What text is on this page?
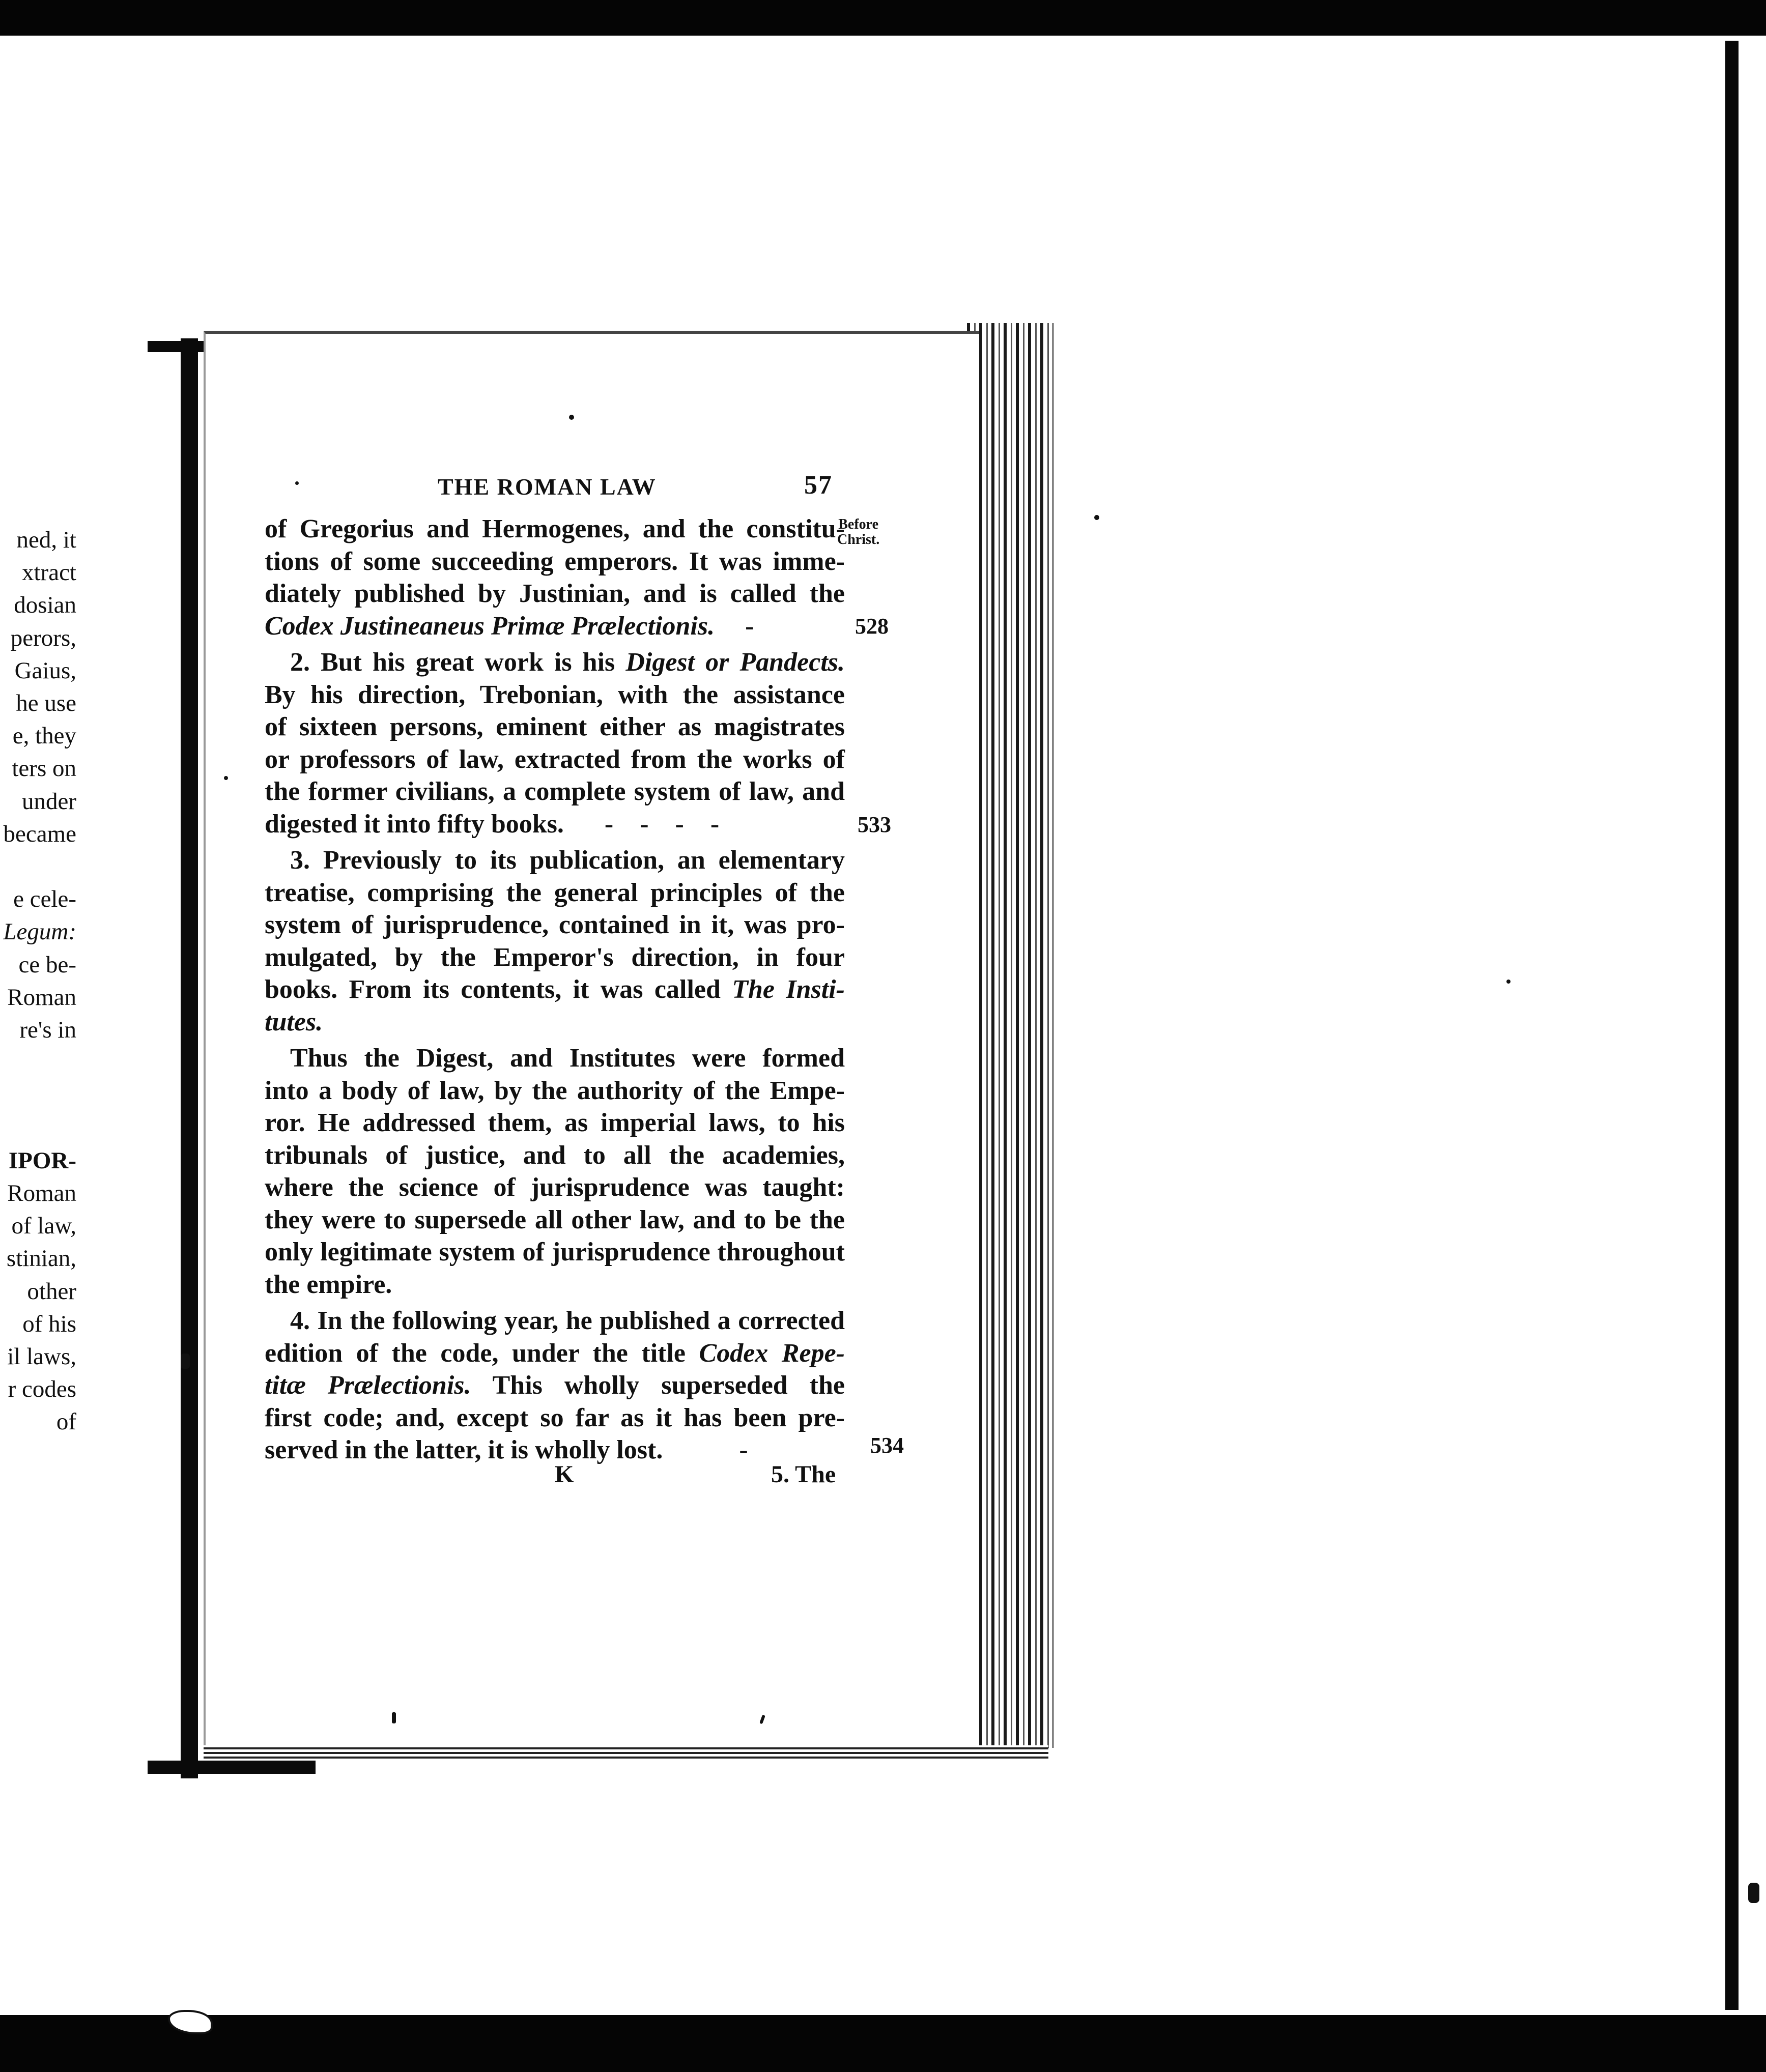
ned, it
xtract
dosian
perors,
Gaius,
he use
e, they
ters on
under
became
e cele-
Legum:
ce be-
Roman
re's in
IPOR-
Roman
of law,
stinian,
other
of his
il laws,
r codes
of
THE ROMAN LAW	57
Before
Christ.
528
533
534

of Gregorius and Hermogenes, and the constitu-

tions of some succeeding emperors. It was imme-

diately published by Justinian, and is called the

Codex Justineaneus Primæ Prælectionis. -

2. But his great work is his Digest or Pandects.

By his direction, Trebonian, with the assistance

of sixteen persons, eminent either as magistrates

or professors of law, extracted from the works of

the former civilians, a complete system of law, and

digested it into fifty books. -    -    -    -

3. Previously to its publication, an elementary

treatise, comprising the general principles of the

system of jurisprudence, contained in it, was pro-

mulgated, by the Emperor's direction, in four

books. From its contents, it was called The Insti-

tutes.

Thus the Digest, and Institutes were formed

into a body of law, by the authority of the Empe-

ror. He addressed them, as imperial laws, to his

tribunals of justice, and to all the academies,

where the science of jurisprudence was taught:

they were to supersede all other law, and to be the

only legitimate system of jurisprudence throughout

the empire.

4. In the following year, he published a corrected

edition of the code, under the title Codex Repe-

titæ Prælectionis. This wholly superseded the

first code; and, except so far as it has been pre-

served in the latter, it is wholly lost.	-

K	5. The
